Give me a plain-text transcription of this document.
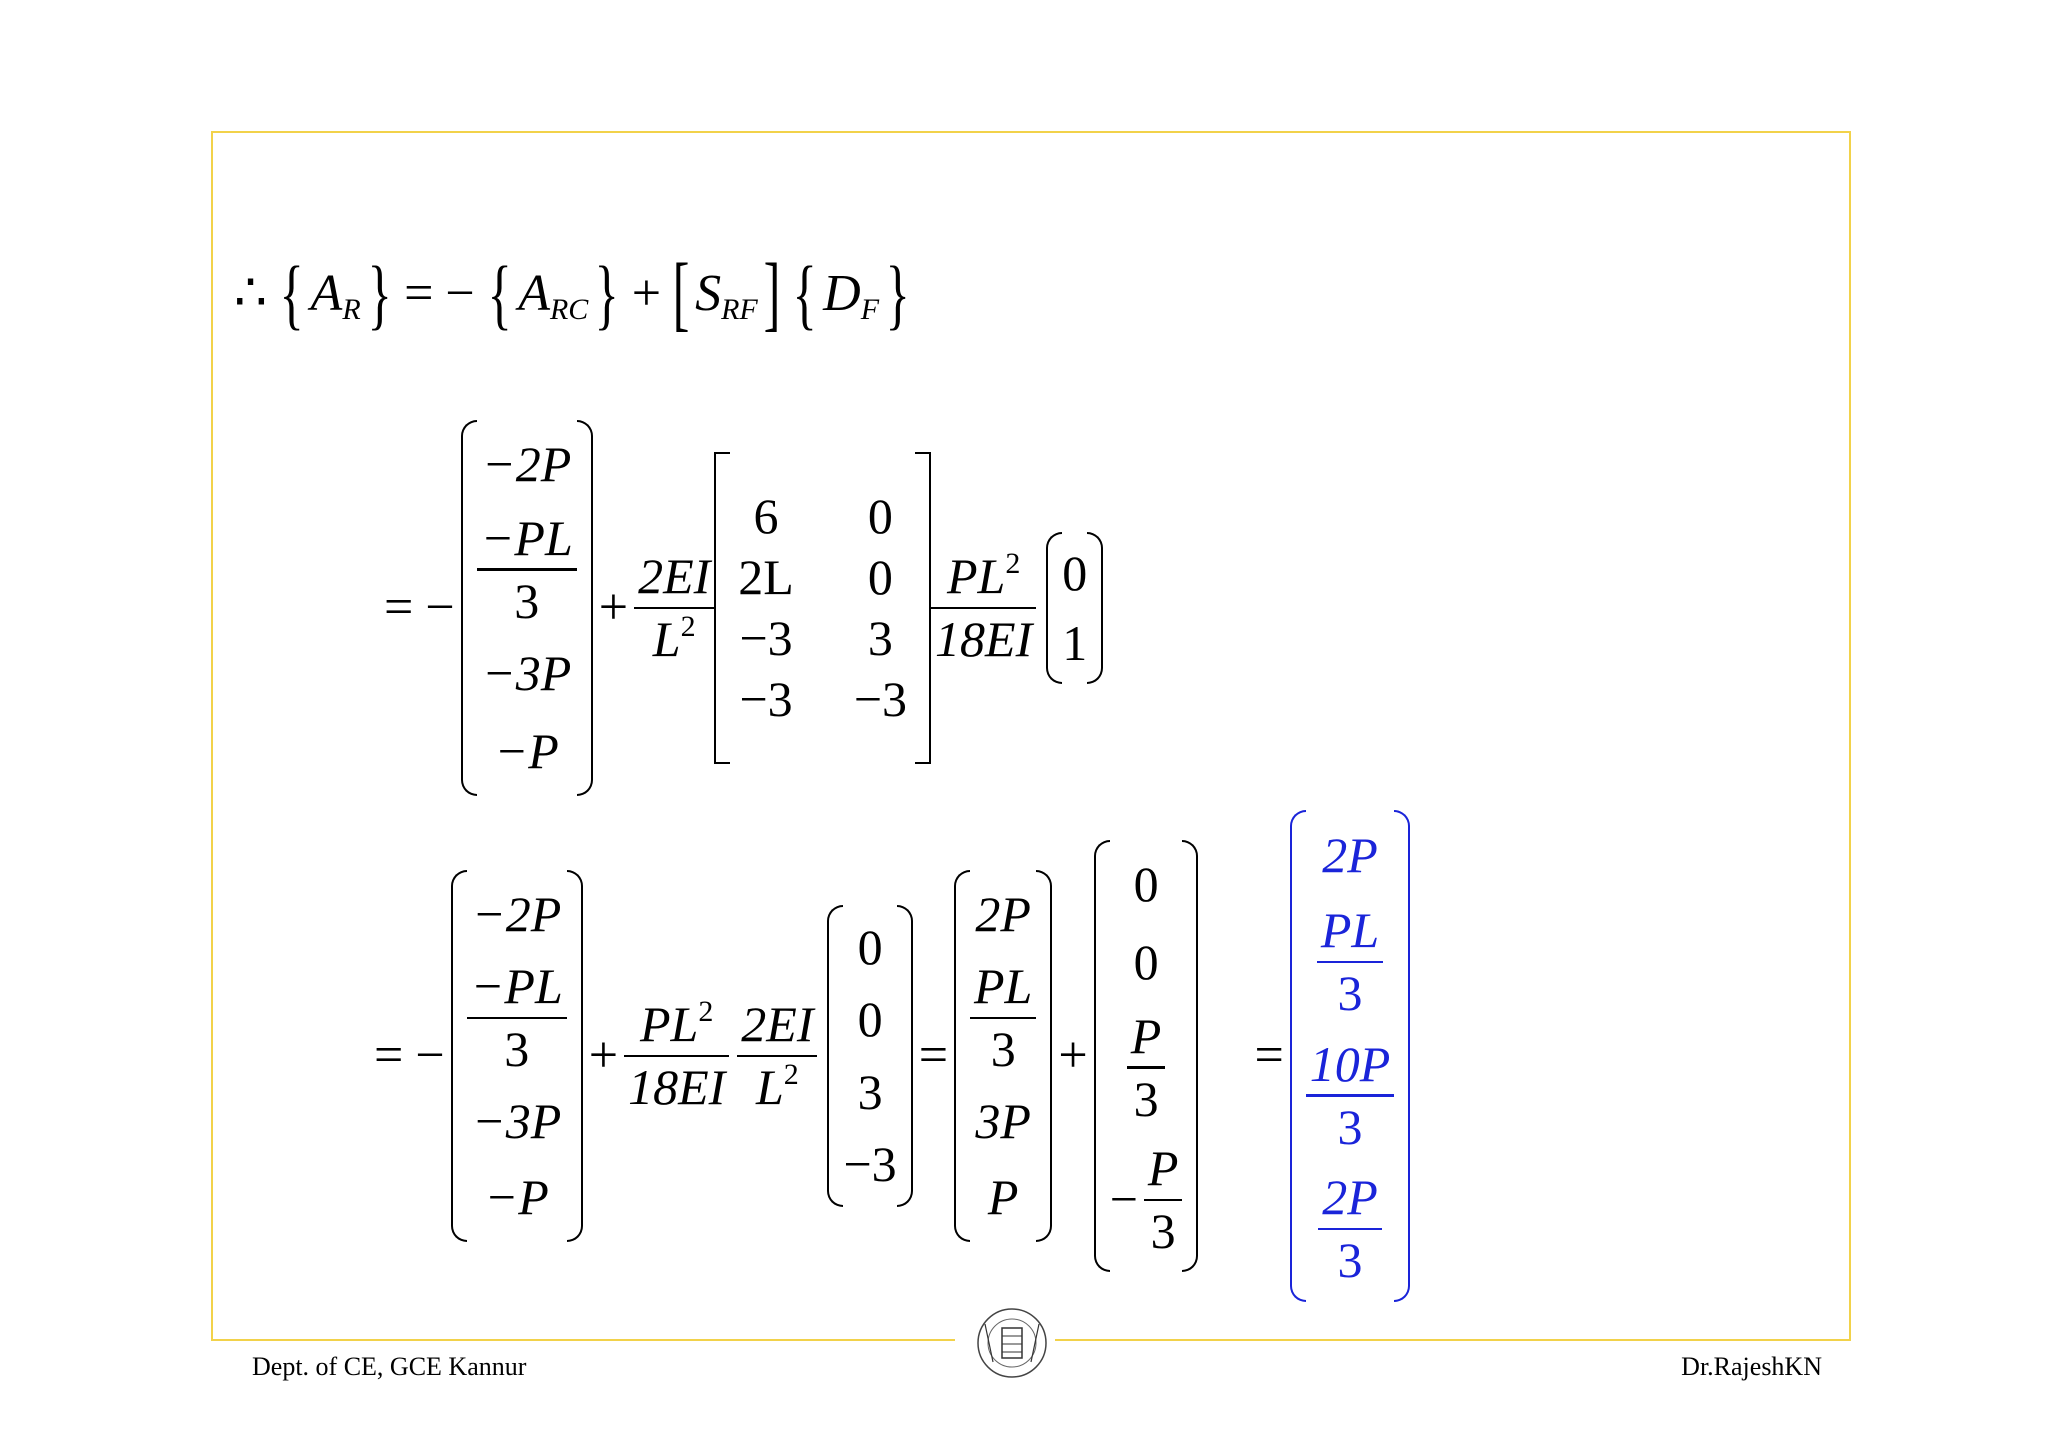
∴ { A R } = − { A RC } + [ S RF ] { D F }
= −
−2P
$\frac{-PL}{3}$
−3P
−P
+ $\frac{2EI}{L^2}$
6	0
2L 0
−3 3
−3 −3
$\frac{PL^2}{18EI} 0$
1
= −
−2P
$\frac{-PL}{3}$
−3P
−P
+ $\frac{PL^2}{18EI} \frac{2EI}{L^2}$
0
0
3
−3
=
2P
$\frac{PL}{3}$
3P
P
+
0
0
$\frac{P}{3}$
− $\frac{P}{3}$
=
2P
$\frac{PL}{3}$
$\frac{10P}{3}$
$\frac{2P}{3}$
Dept. of CE, GCE Kannur	Dr.RajeshKN
